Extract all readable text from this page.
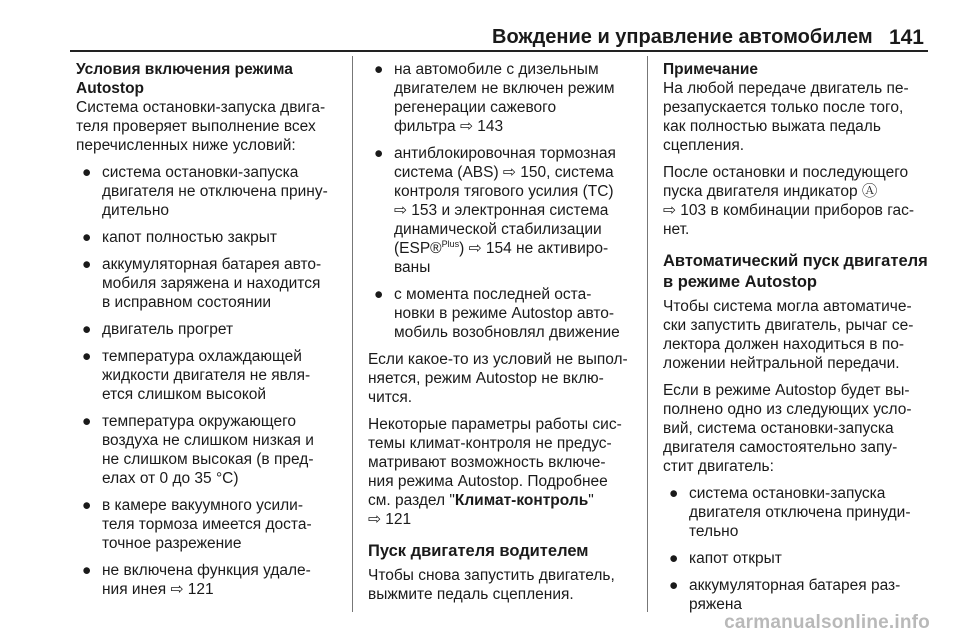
Вождение и управление автомобилем 141
Условия включения режима
Autostop
Система остановки-запуска двига-
теля проверяет выполнение всех
перечисленных ниже условий:
● система остановки-запуска
двигателя не отключена прину-
дительно
● капот полностью закрыт
● аккумуляторная батарея авто-
мобиля заряжена и находится
в исправном состоянии
● двигатель прогрет
● температура охлаждающей
жидкости двигателя не явля-
ется слишком высокой
● температура окружающего
воздуха не слишком низкая и
не слишком высокая (в пред-
елах от 0 до 35 °C)
● в камере вакуумного усили-
теля тормоза имеется доста-
точное разрежение
● не включена функция удале-
ния инея ⇨ 121
● на автомобиле с дизельным
двигателем не включен режим
регенерации сажевого
фильтра ⇨ 143
● антиблокировочная тормозная
система (ABS) ⇨ 150, система
контроля тягового усилия (TC)
⇨ 153 и электронная система
динамической стабилизации
(ESP®$^{Plus}$) ⇨ 154 не активиро-
ваны
● с момента последней оста-
новки в режиме Autostop авто-
мобиль возобновлял движение
Если какое-то из условий не выпол-
няется, режим Autostop не вклю-
чится.
Некоторые параметры работы сис-
темы климат-контроля не предус-
матривают возможность включе-
ния режима Autostop. Подробнее
см. раздел "Климат-контроль"
⇨ 121
Пуск двигателя водителем
Чтобы снова запустить двигатель,
выжмите педаль сцепления.
Примечание
На любой передаче двигатель пе-
резапускается только после того,
как полностью выжата педаль
сцепления.
После остановки и последующего
пуска двигателя индикатор Ⓐ
⇨ 103 в комбинации приборов гас-
нет.
Автоматический пуск двигателя
в режиме Autostop
Чтобы система могла автоматиче-
ски запустить двигатель, рычаг се-
лектора должен находиться в по-
ложении нейтральной передачи.
Если в режиме Autostop будет вы-
полнено одно из следующих усло-
вий, система остановки-запуска
двигателя самостоятельно запу-
стит двигатель:
● система остановки-запуска
двигателя отключена принуди-
тельно
● капот открыт
● аккумуляторная батарея раз-
ряжена
carmanualsonline.info
